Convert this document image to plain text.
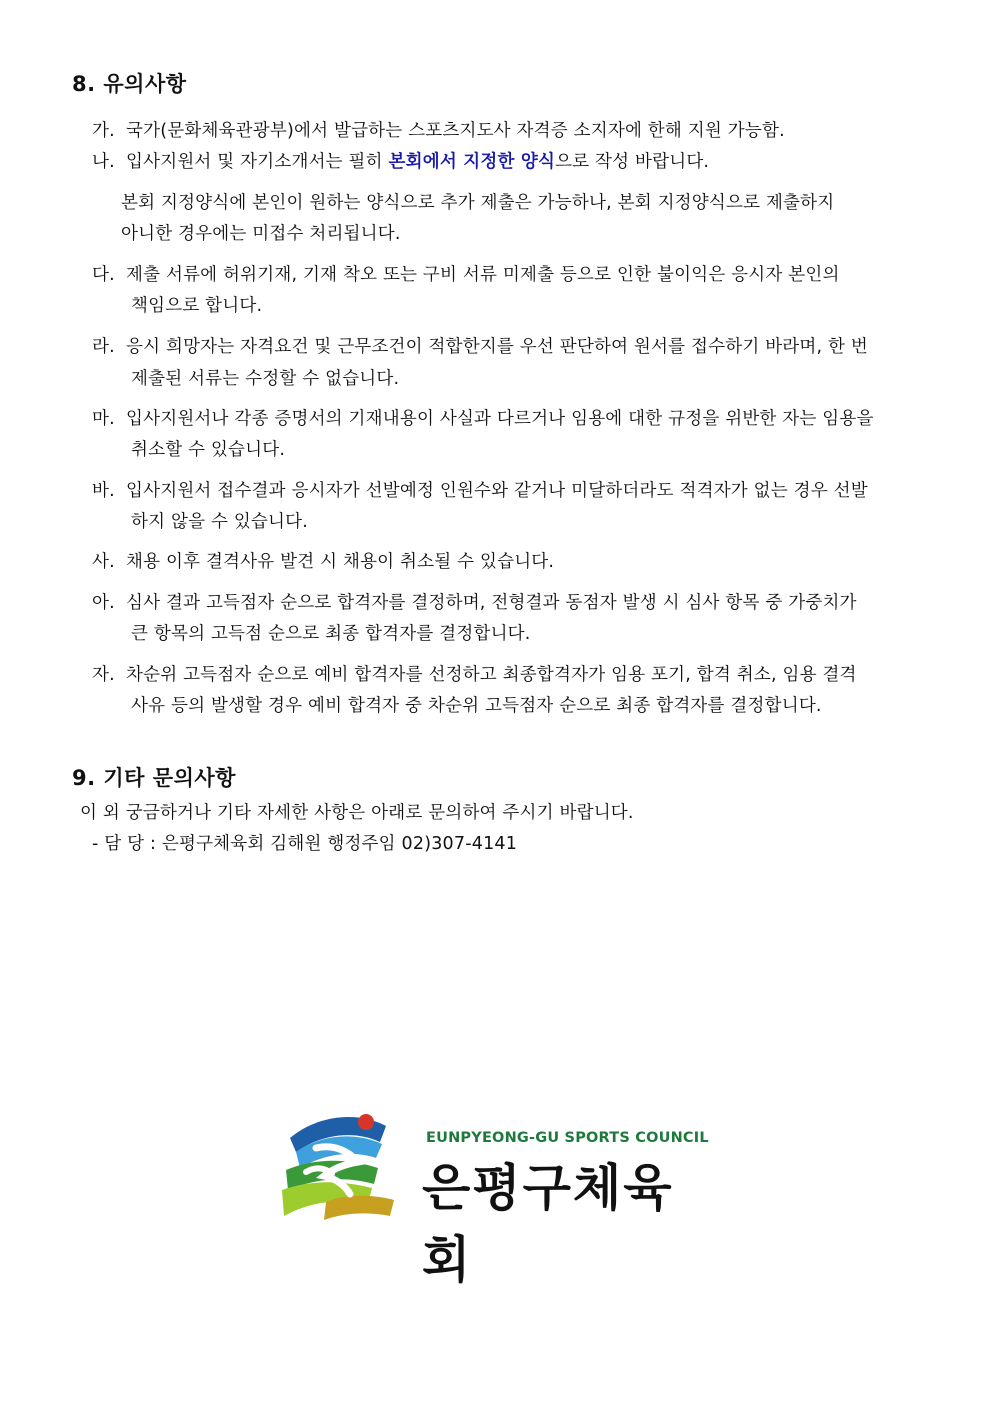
8. 유의사항
가. 국가(문화체육관광부)에서 발급하는 스포츠지도사 자격증 소지자에 한해 지원 가능함.
나. 입사지원서 및 자기소개서는 필히 본회에서 지정한 양식으로 작성 바랍니다.
본회 지정양식에 본인이 원하는 양식으로 추가 제출은 가능하나, 본회 지정양식으로 제출하지
아니한 경우에는 미접수 처리됩니다.
다. 제출 서류에 허위기재, 기재 착오 또는 구비 서류 미제출 등으로 인한 불이익은 응시자 본인의
책임으로 합니다.
라. 응시 희망자는 자격요건 및 근무조건이 적합한지를 우선 판단하여 원서를 접수하기 바라며, 한 번
제출된 서류는 수정할 수 없습니다.
마. 입사지원서나 각종 증명서의 기재내용이 사실과 다르거나 임용에 대한 규정을 위반한 자는 임용을
취소할 수 있습니다.
바. 입사지원서 접수결과 응시자가 선발예정 인원수와 같거나 미달하더라도 적격자가 없는 경우 선발
하지 않을 수 있습니다.
사. 채용 이후 결격사유 발견 시 채용이 취소될 수 있습니다.
아. 심사 결과 고득점자 순으로 합격자를 결정하며, 전형결과 동점자 발생 시 심사 항목 중 가중치가
큰 항목의 고득점 순으로 최종 합격자를 결정합니다.
자. 차순위 고득점자 순으로 예비 합격자를 선정하고 최종합격자가 임용 포기, 합격 취소, 임용 결격
사유 등의 발생할 경우 예비 합격자 중 차순위 고득점자 순으로 최종 합격자를 결정합니다.
9. 기타 문의사항
이 외 궁금하거나 기타 자세한 사항은 아래로 문의하여 주시기 바랍니다.
- 담 당 : 은평구체육회 김해원 행정주임 02)307-4141
EUNPYEONG-GU SPORTS COUNCIL
은평구체육회
